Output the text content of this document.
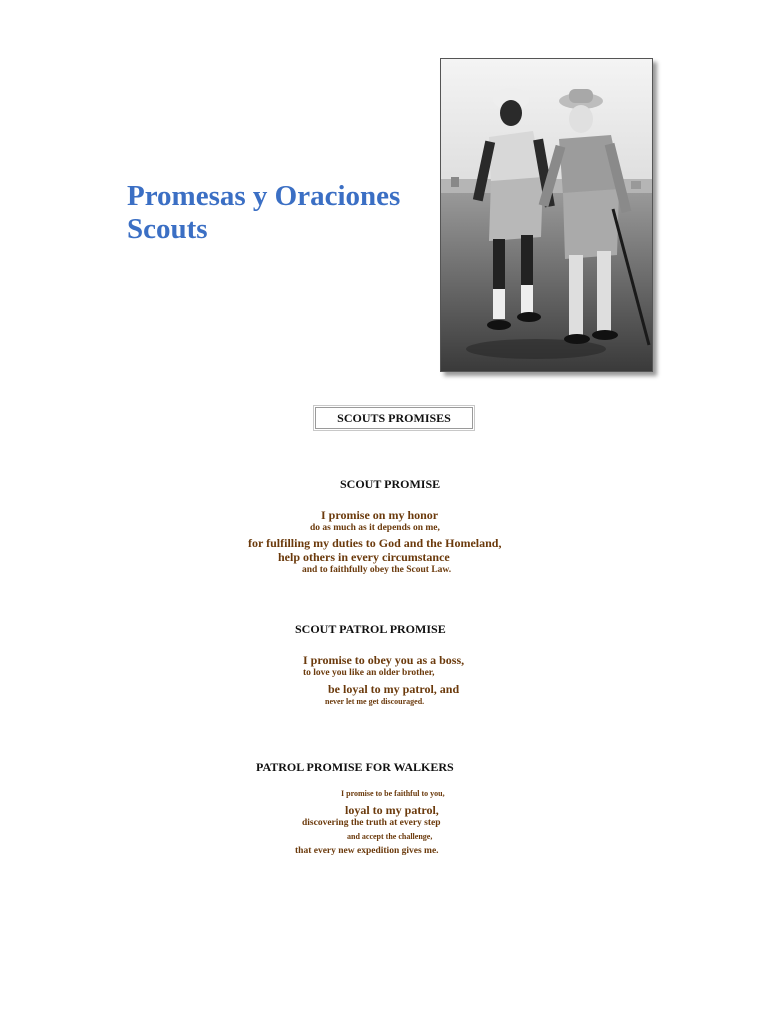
Promesas y Oraciones
Scouts
SCOUTS PROMISES
SCOUT PROMISE
I promise on my honor
do as much as it depends on me,
for fulfilling my duties to God and the Homeland,
help others in every circumstance
and to faithfully obey the Scout Law.
SCOUT PATROL PROMISE
I promise to obey you as a boss,
to love you like an older brother,
be loyal to my patrol, and
never let me get discouraged.
PATROL PROMISE FOR WALKERS
I promise to be faithful to you,
loyal to my patrol,
discovering the truth at every step
and accept the challenge,
that every new expedition gives me.
